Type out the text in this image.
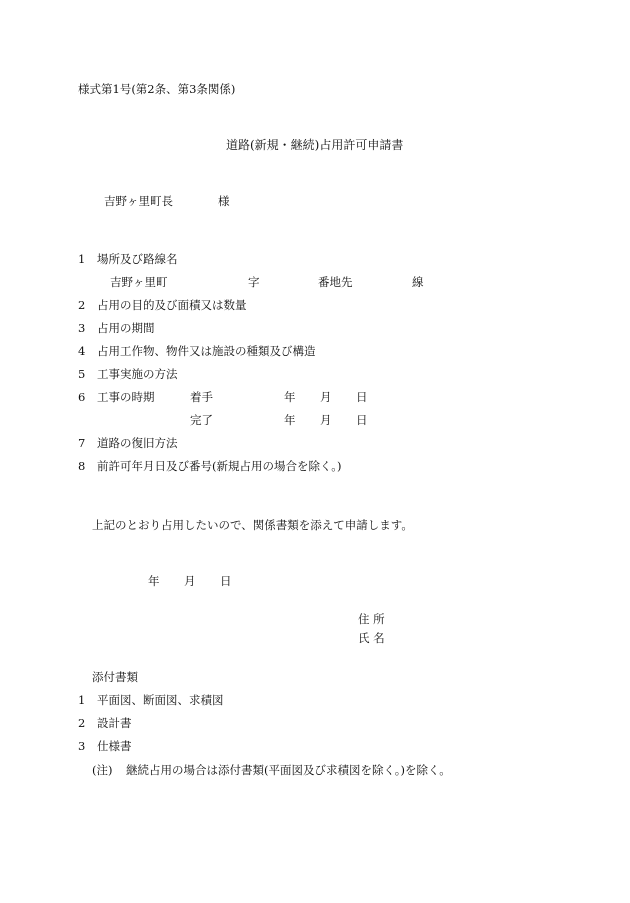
様式第1号(第2条、第3条関係)
道路(新規・継続)占用許可申請書
吉野ヶ里町長	様
1 場所及び路線名
吉野ヶ里町	字	番地先	線
2 占用の目的及び面積又は数量
3 占用の期間
4 占用工作物、物件又は施設の種類及び構造
5 工事実施の方法
6 工事の時期	着手	年 月 日
完了	年 月 日
7 道路の復旧方法
8 前許可年月日及び番号(新規占用の場合を除く。)
上記のとおり占用したいので、関係書類を添えて申請します。
年 月 日
住 所
氏 名
添付書類
1 平面図、断面図、求積図
2 設計書
3 仕様書
(注) 継続占用の場合は添付書類(平面図及び求積図を除く。)を除く。
